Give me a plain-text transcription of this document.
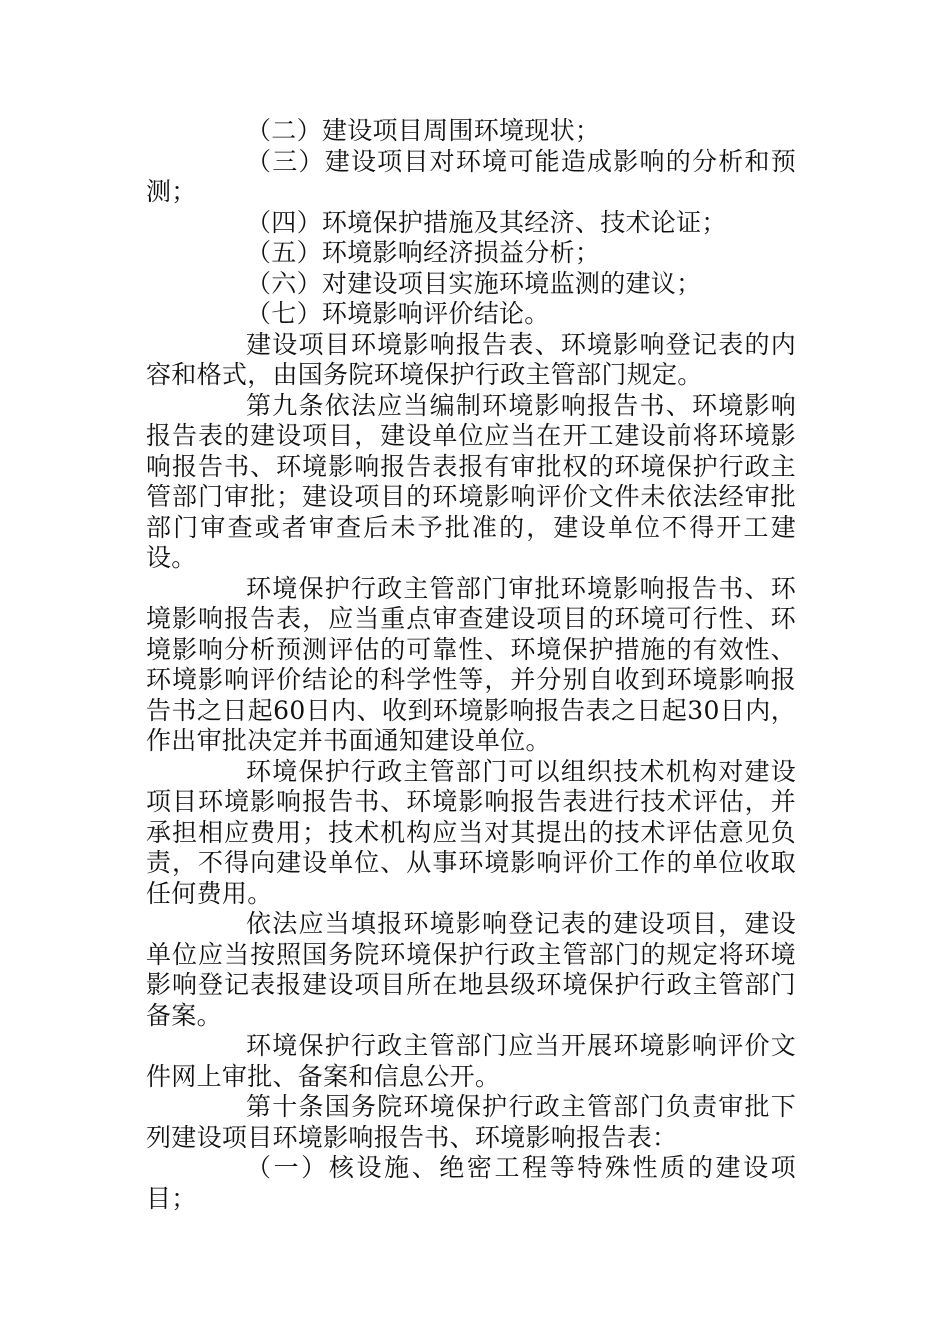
（二）建设项目周围环境现状；

（三）建设项目对环境可能造成影响的分析和预测；

（四）环境保护措施及其经济、技术论证；

（五）环境影响经济损益分析；

（六）对建设项目实施环境监测的建议；

（七）环境影响评价结论。

建设项目环境影响报告表、环境影响登记表的内容和格式，由国务院环境保护行政主管部门规定。

第九条依法应当编制环境影响报告书、环境影响报告表的建设项目，建设单位应当在开工建设前将环境影响报告书、环境影响报告表报有审批权的环境保护行政主管部门审批；建设项目的环境影响评价文件未依法经审批部门审查或者审查后未予批准的，建设单位不得开工建设。

环境保护行政主管部门审批环境影响报告书、环境影响报告表，应当重点审查建设项目的环境可行性、环境影响分析预测评估的可靠性、环境保护措施的有效性、环境影响评价结论的科学性等，并分别自收到环境影响报告书之日起60日内、收到环境影响报告表之日起30日内，作出审批决定并书面通知建设单位。

环境保护行政主管部门可以组织技术机构对建设项目环境影响报告书、环境影响报告表进行技术评估，并承担相应费用；技术机构应当对其提出的技术评估意见负责，不得向建设单位、从事环境影响评价工作的单位收取任何费用。

依法应当填报环境影响登记表的建设项目，建设单位应当按照国务院环境保护行政主管部门的规定将环境影响登记表报建设项目所在地县级环境保护行政主管部门备案。

环境保护行政主管部门应当开展环境影响评价文件网上审批、备案和信息公开。

第十条国务院环境保护行政主管部门负责审批下列建设项目环境影响报告书、环境影响报告表：

（一）核设施、绝密工程等特殊性质的建设项目；
